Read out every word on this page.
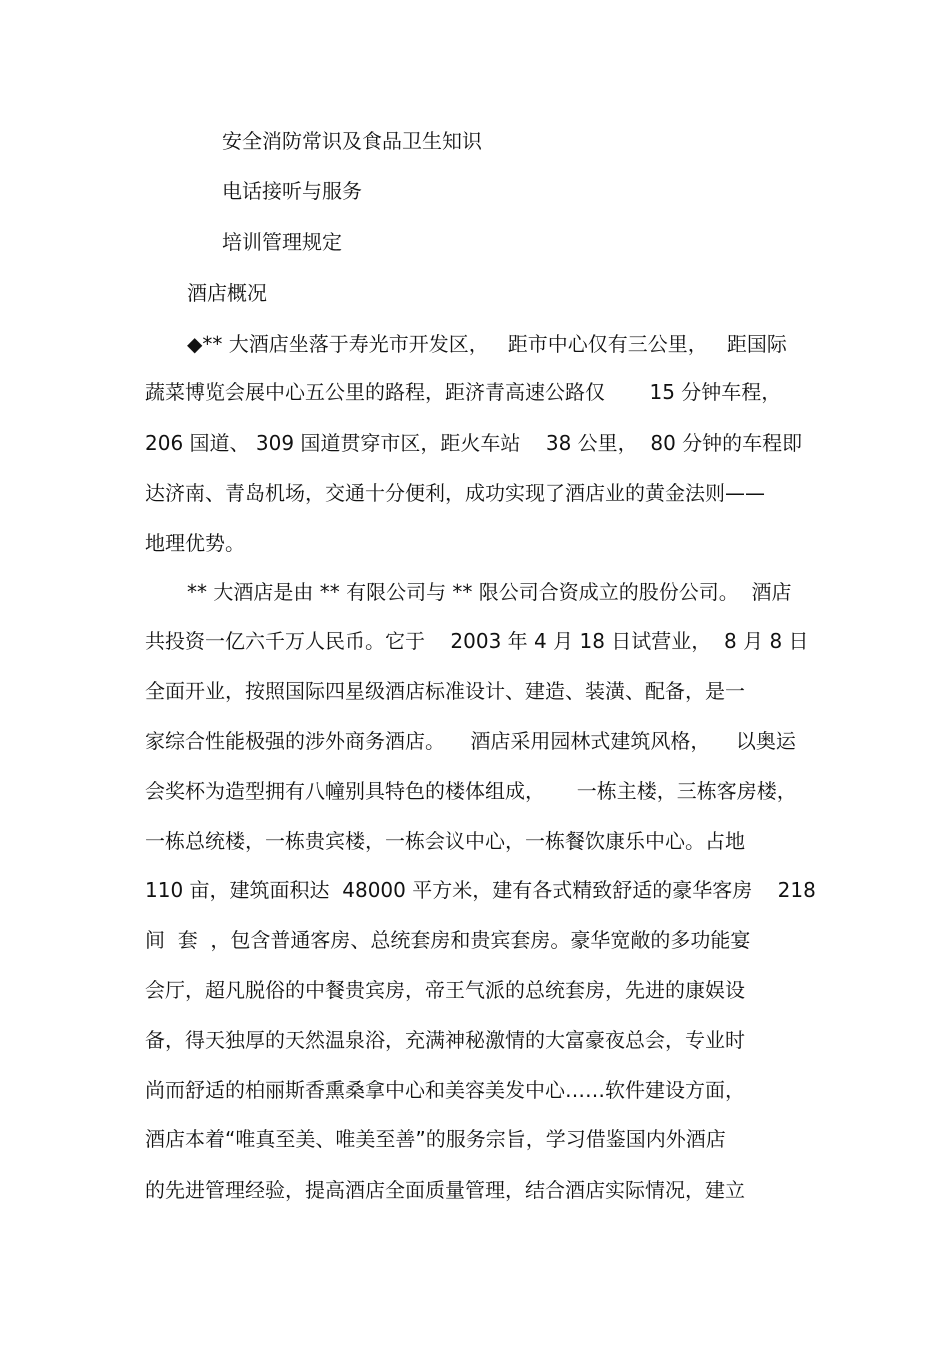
安全消防常识及食品卫生知识

电话接听与服务

培训管理规定

酒店概况

◆** 大酒店坐落于寿光市开发区，   距市中心仅有三公里，   距国际

蔬菜博览会展中心五公里的路程，距济青高速公路仅       15 分钟车程，

206 国道、 309 国道贯穿市区，距火车站    38 公里，  80 分钟的车程即

达济南、青岛机场，交通十分便利，成功实现了酒店业的黄金法则——

地理优势。

** 大酒店是由 ** 有限公司与 ** 限公司合资成立的股份公司。  酒店

共投资一亿六千万人民币。它于    2003 年 4 月 18 日试营业，  8 月 8 日

全面开业，按照国际四星级酒店标准设计、建造、装潢、配备，是一

家综合性能极强的涉外商务酒店。    酒店采用园林式建筑风格，    以奥运

会奖杯为造型拥有八幢别具特色的楼体组成，     一栋主楼，三栋客房楼，

一栋总统楼，一栋贵宾楼，一栋会议中心，一栋餐饮康乐中心。占地

110 亩，建筑面积达  48000 平方米，建有各式精致舒适的豪华客房    218

间  套  ，包含普通客房、总统套房和贵宾套房。豪华宽敞的多功能宴

会厅，超凡脱俗的中餐贵宾房，帝王气派的总统套房，先进的康娱设

备，得天独厚的天然温泉浴，充满神秘激情的大富豪夜总会，专业时

尚而舒适的柏丽斯香熏桑拿中心和美容美发中心……软件建设方面，

酒店本着“唯真至美、唯美至善”的服务宗旨，学习借鉴国内外酒店

的先进管理经验，提高酒店全面质量管理，结合酒店实际情况，建立
